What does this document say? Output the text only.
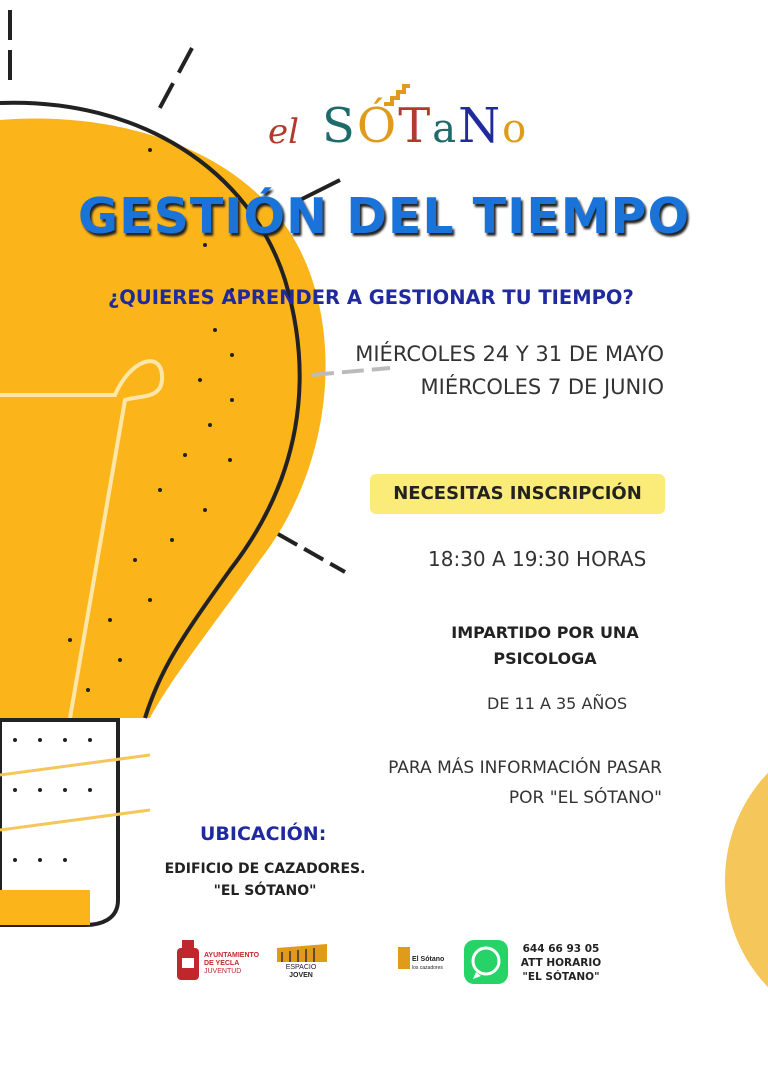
el SÓTaNo
GESTIÓN DEL TIEMPO
¿QUIERES APRENDER A GESTIONAR TU TIEMPO?
MIÉRCOLES 24 Y 31 DE MAYO
MIÉRCOLES 7 DE JUNIO
NECESITAS INSCRIPCIÓN
18:30 A 19:30 HORAS
IMPARTIDO POR UNA
PSICOLOGA
DE 11 A 35 AÑOS
PARA MÁS INFORMACIÓN PASAR
POR "EL SÓTANO"
UBICACIÓN:
EDIFICIO DE CAZADORES.
"EL SÓTANO"
AYUNTAMIENTO
DE YECLA
JUVENTUD
ESPACIO
JOVEN
El Sótano
los cazadores
644 66 93 05
ATT HORARIO
"EL SÓTANO"
